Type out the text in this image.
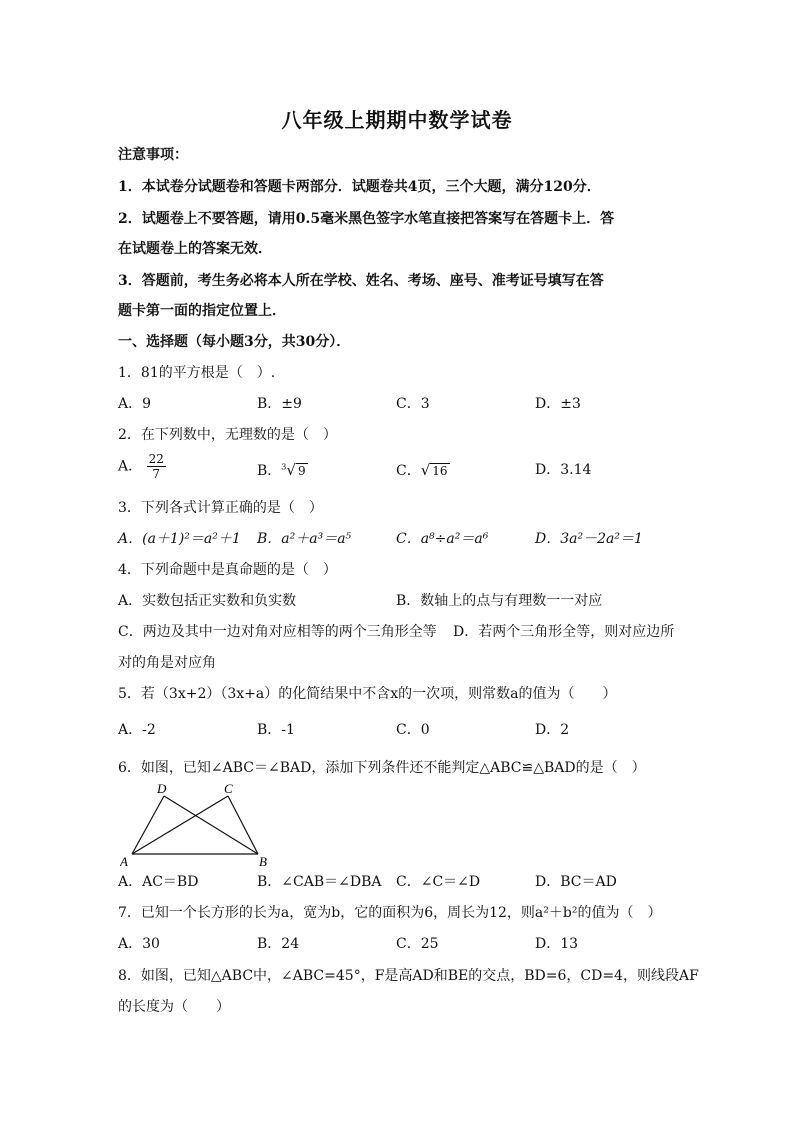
八年级上期期中数学试卷
注意事项：
1．本试卷分试题卷和答题卡两部分．试题卷共4页，三个大题，满分120分．
2．试题卷上不要答题，请用0.5毫米黑色签字水笔直接把答案写在答题卡上．答
在试题卷上的答案无效．
3．答题前，考生务必将本人所在学校、姓名、考场、座号、准考证号填写在答
题卡第一面的指定位置上．
一、选择题（每小题3分，共30分）．
1．81的平方根是（　）.
A．9	B．±9	C．3	D．±3
2．在下列数中，无理数的是（　）
A． $\frac{22}{7}$	B．$^3$√ 9	C．√ 16	D．3.14
3．下列各式计算正确的是（　）
A．(a＋1)²＝a²＋1 B．a²＋a³＝a⁵	C．a⁸÷a²＝a⁶	D．3a²－2a²＝1
4．下列命题中是真命题的是（　）
A．实数包括正实数和负实数	B．数轴上的点与有理数一一对应
C．两边及其中一边对角对应相等的两个三角形全等 D．若两个三角形全等，则对应边所
对的角是对应角
5．若（3x+2）（3x+a）的化简结果中不含x的一次项，则常数a的值为（　　）
A．-2	B．-1	C．0	D．2
6．如图，已知∠ABC＝∠BAD，添加下列条件还不能判定△ABC≌△BAD的是（　）
D	C
A	B
A．AC＝BD	B．∠CAB＝∠DBA C．∠C＝∠D	D．BC＝AD
7．已知一个长方形的长为a，宽为b，它的面积为6，周长为12，则a²＋b²的值为（　）
A．30	B．24	C．25	D．13
8．如图，已知△ABC中，∠ABC=45°，F是高AD和BE的交点，BD=6，CD=4，则线段AF
的长度为（　　）
